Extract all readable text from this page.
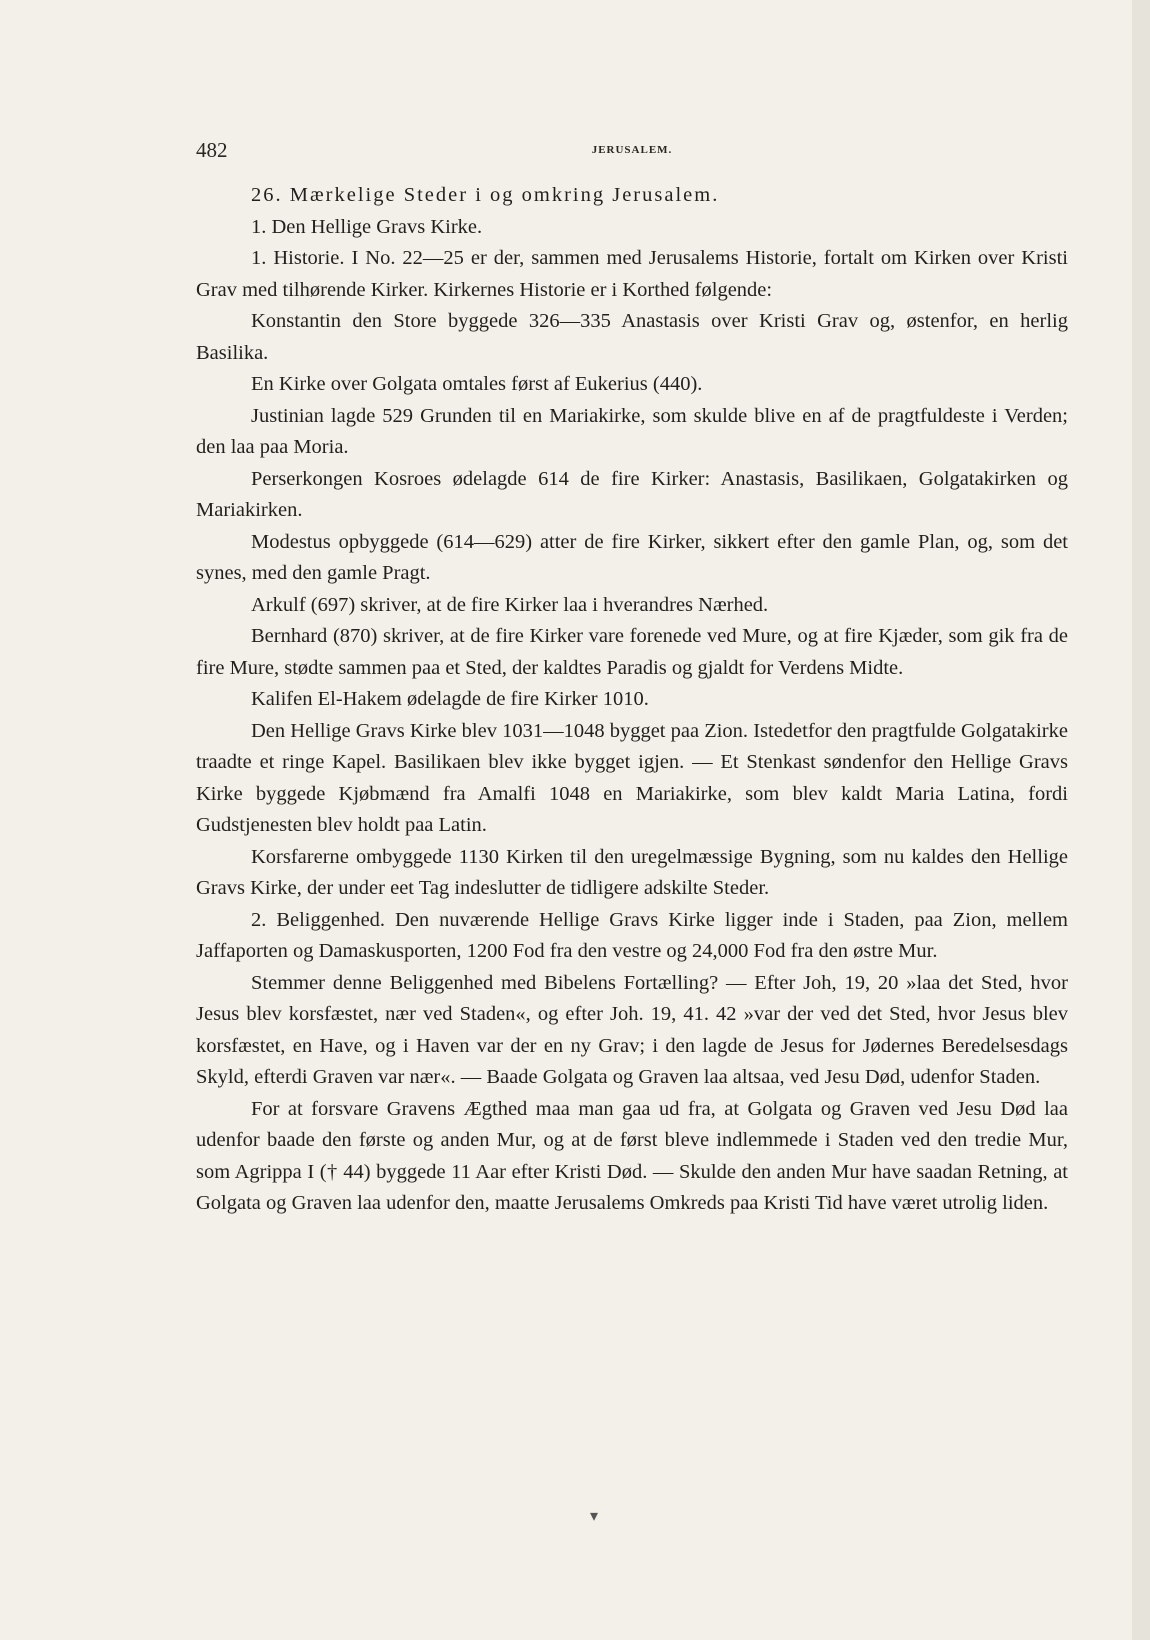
482	JERUSALEM.

26. Mærkelige Steder i og omkring Jerusalem.

1. Den Hellige Gravs Kirke.

1. Historie. I No. 22—25 er der, sammen med Jerusalems Historie, fortalt om Kirken over Kristi Grav med tilhørende Kirker. Kirkernes Historie er i Korthed følgende:

Konstantin den Store byggede 326—335 Anastasis over Kristi Grav og, østenfor, en herlig Basilika.

En Kirke over Golgata omtales først af Eukerius (440).

Justinian lagde 529 Grunden til en Mariakirke, som skulde blive en af de pragtfuldeste i Verden; den laa paa Moria.

Perserkongen Kosroes ødelagde 614 de fire Kirker: Anastasis, Basilikaen, Golgatakirken og Mariakirken.

Modestus opbyggede (614—629) atter de fire Kirker, sikkert efter den gamle Plan, og, som det synes, med den gamle Pragt.

Arkulf (697) skriver, at de fire Kirker laa i hverandres Nærhed.

Bernhard (870) skriver, at de fire Kirker vare forenede ved Mure, og at fire Kjæder, som gik fra de fire Mure, stødte sammen paa et Sted, der kaldtes Paradis og gjaldt for Verdens Midte.

Kalifen El-Hakem ødelagde de fire Kirker 1010.

Den Hellige Gravs Kirke blev 1031—1048 bygget paa Zion. Istedetfor den pragtfulde Golgatakirke traadte et ringe Kapel. Basilikaen blev ikke bygget igjen. — Et Stenkast søndenfor den Hellige Gravs Kirke byggede Kjøbmænd fra Amalfi 1048 en Mariakirke, som blev kaldt Maria Latina, fordi Gudstjenesten blev holdt paa Latin.

Korsfarerne ombyggede 1130 Kirken til den uregelmæssige Bygning, som nu kaldes den Hellige Gravs Kirke, der under eet Tag indeslutter de tidligere adskilte Steder.

2. Beliggenhed. Den nuværende Hellige Gravs Kirke ligger inde i Staden, paa Zion, mellem Jaffaporten og Damaskusporten, 1200 Fod fra den vestre og 24,000 Fod fra den østre Mur.

Stemmer denne Beliggenhed med Bibelens Fortælling? — Efter Joh, 19, 20 »laa det Sted, hvor Jesus blev korsfæstet, nær ved Staden«, og efter Joh. 19, 41. 42 »var der ved det Sted, hvor Jesus blev korsfæstet, en Have, og i Haven var der en ny Grav; i den lagde de Jesus for Jødernes Beredelsesdags Skyld, efterdi Graven var nær«. — Baade Golgata og Graven laa altsaa, ved Jesu Død, udenfor Staden.

For at forsvare Gravens Ægthed maa man gaa ud fra, at Golgata og Graven ved Jesu Død laa udenfor baade den første og anden Mur, og at de først bleve indlemmede i Staden ved den tredie Mur, som Agrippa I († 44) byggede 11 Aar efter Kristi Død. — Skulde den anden Mur have saadan Retning, at Golgata og Graven laa udenfor den, maatte Jerusalems Omkreds paa Kristi Tid have været utrolig liden.

▾
